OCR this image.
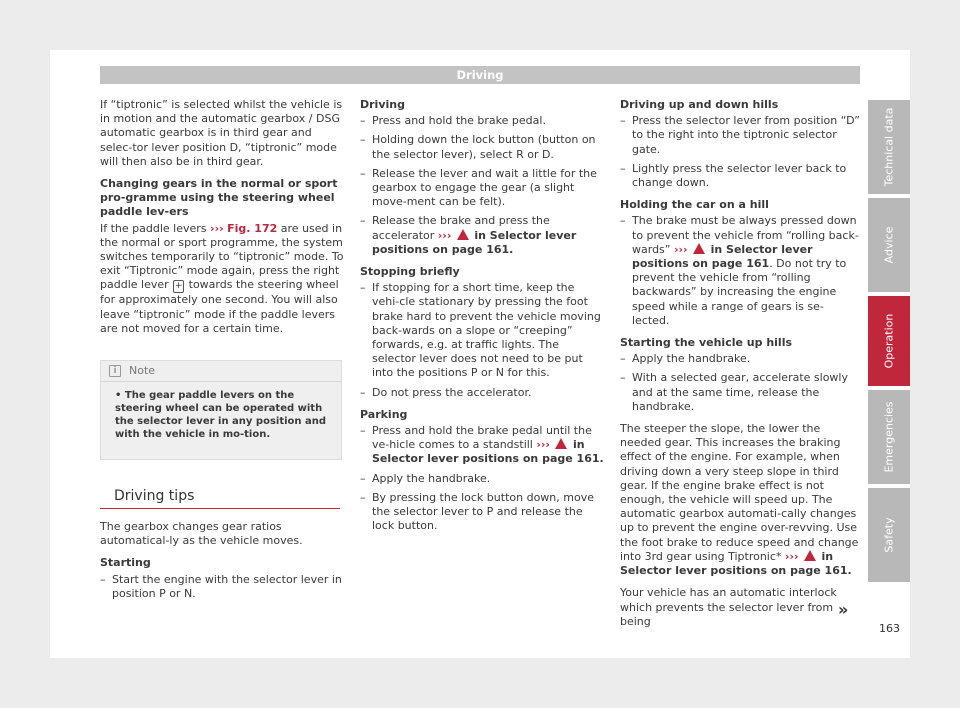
Driving

If “tiptronic” is selected whilst the vehicle is in motion and the automatic gearbox / DSG automatic gearbox is in third gear and selec-tor lever position D, “tiptronic” mode will then also be in third gear.

Changing gears in the normal or sport pro-gramme using the steering wheel paddle lev-ers

If the paddle levers ››› Fig. 172 are used in the normal or sport programme, the system switches temporarily to “tiptronic” mode. To exit “Tiptronic” mode again, press the right paddle lever + towards the steering wheel for approximately one second. You will also leave “tiptronic” mode if the paddle levers are not moved for a certain time.

i	Note
• The gear paddle levers on the steering wheel can be operated with the selector lever in any position and with the vehicle in mo-tion.
Driving tips

The gearbox changes gear ratios automatical-ly as the vehicle moves.

Starting

– Start the engine with the selector lever in position P or N.

Driving

– Press and hold the brake pedal.
– Holding down the lock button (button on the selector lever), select R or D.
– Release the lever and wait a little for the gearbox to engage the gear (a slight move-ment can be felt).
– Release the brake and press the accelerator ››› in Selector lever positions on page 161.

Stopping briefly

– If stopping for a short time, keep the vehi-cle stationary by pressing the foot brake hard to prevent the vehicle moving back-wards on a slope or “creeping” forwards, e.g. at traffic lights. The selector lever does not need to be put into the positions P or N for this.
– Do not press the accelerator.

Parking

– Press and hold the brake pedal until the ve-hicle comes to a standstill ››› in Selector lever positions on page 161.
– Apply the handbrake.
– By pressing the lock button down, move the selector lever to P and release the lock button.

Driving up and down hills

– Press the selector lever from position “D” to the right into the tiptronic selector gate.
– Lightly press the selector lever back to change down.

Holding the car on a hill

– The brake must be always pressed down to prevent the vehicle from “rolling back-wards” ››› in Selector lever positions on page 161. Do not try to prevent the vehicle from “rolling backwards” by increasing the engine speed while a range of gears is se-lected.

Starting the vehicle up hills

– Apply the handbrake.
– With a selected gear, accelerate slowly and at the same time, release the handbrake.

The steeper the slope, the lower the needed gear. This increases the braking effect of the engine. For example, when driving down a very steep slope in third gear. If the engine brake effect is not enough, the vehicle will speed up. The automatic gearbox automati-cally changes up to prevent the engine over-revving. Use the foot brake to reduce speed and change into 3rd gear using Tiptronic* ››› in Selector lever positions on page 161.

Your vehicle has an automatic interlock which prevents the selector lever from being

»
163
Technical data
Advice
Operation
Emergencies
Safety
